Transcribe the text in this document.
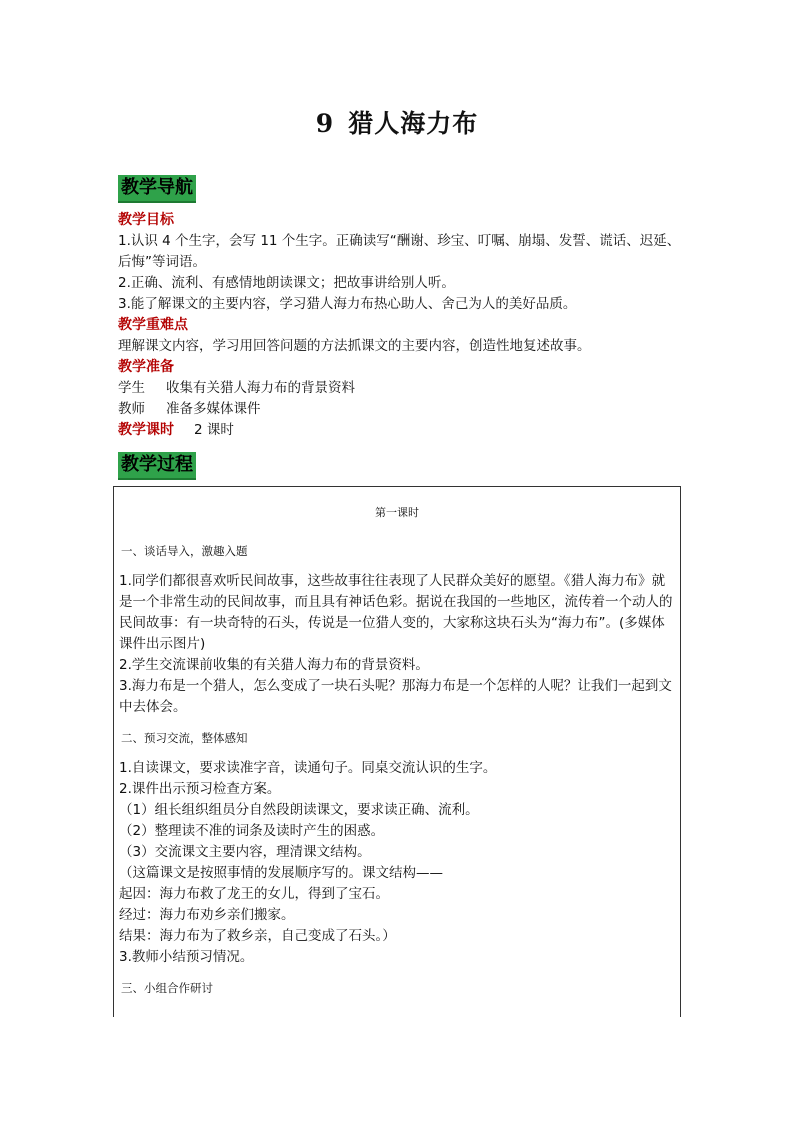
9 猎人海力布
教学导航

教学目标

1.认识 4 个生字，会写 11 个生字。正确读写“酬谢、珍宝、叮嘱、崩塌、发誓、谎话、迟延、后悔”等词语。

2.正确、流利、有感情地朗读课文；把故事讲给别人听。

3.能了解课文的主要内容，学习猎人海力布热心助人、舍己为人的美好品质。

教学重难点

理解课文内容，学习用回答问题的方法抓课文的主要内容，创造性地复述故事。

教学准备

学生 收集有关猎人海力布的背景资料

教师 准备多媒体课件

教学课时 2 课时

教学过程
第一课时
一、谈话导入，激趣入题

1.同学们都很喜欢听民间故事，这些故事往往表现了人民群众美好的愿望。《猎人海力布》就是一个非常生动的民间故事，而且具有神话色彩。据说在我国的一些地区，流传着一个动人的民间故事：有一块奇特的石头，传说是一位猎人变的，大家称这块石头为“海力布”。(多媒体课件出示图片)

2.学生交流课前收集的有关猎人海力布的背景资料。

3.海力布是一个猎人，怎么变成了一块石头呢？那海力布是一个怎样的人呢？让我们一起到文中去体会。

二、预习交流，整体感知

1.自读课文，要求读准字音，读通句子。同桌交流认识的生字。

2.课件出示预习检查方案。

（1）组长组织组员分自然段朗读课文，要求读正确、流利。

（2）整理读不准的词条及读时产生的困惑。

（3）交流课文主要内容，理清课文结构。

（这篇课文是按照事情的发展顺序写的。课文结构——

起因：海力布救了龙王的女儿，得到了宝石。

经过：海力布劝乡亲们搬家。

结果：海力布为了救乡亲，自己变成了石头。）

3.教师小结预习情况。

三、小组合作研讨
